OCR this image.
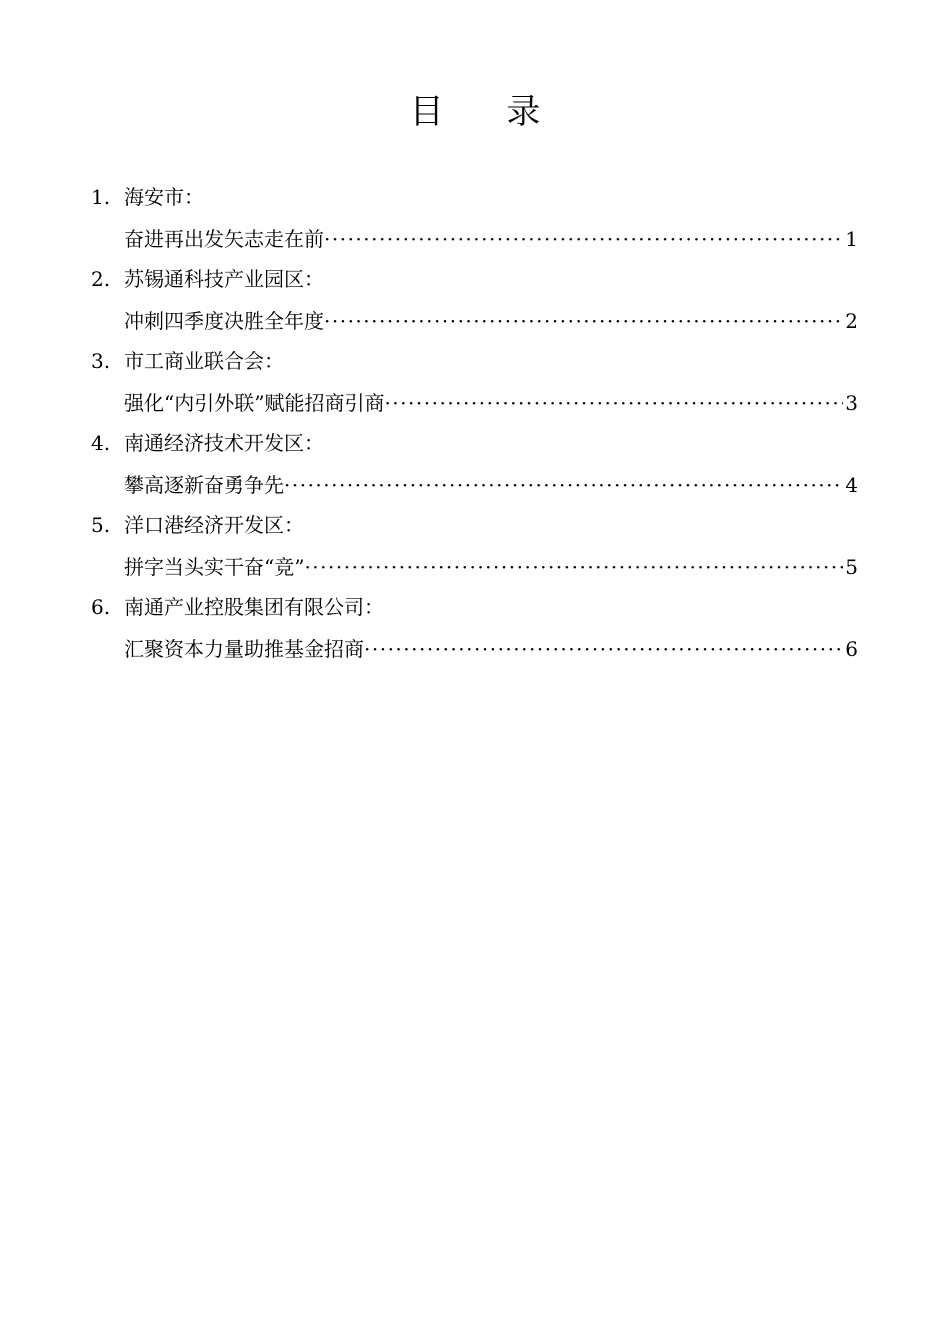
目 录
1. 海安市：
奋进再出发矢志走在前 ·····	1
2. 苏锡通科技产业园区：
冲刺四季度决胜全年度 ·····	2
3. 市工商业联合会：
强化“内引外联”赋能招商引商 ·····	3
4. 南通经济技术开发区：
攀高逐新奋勇争先 ·····	4
5. 洋口港经济开发区：
拼字当头实干奋“竞” ·····	5
6. 南通产业控股集团有限公司：
汇聚资本力量助推基金招商 ·····	6
